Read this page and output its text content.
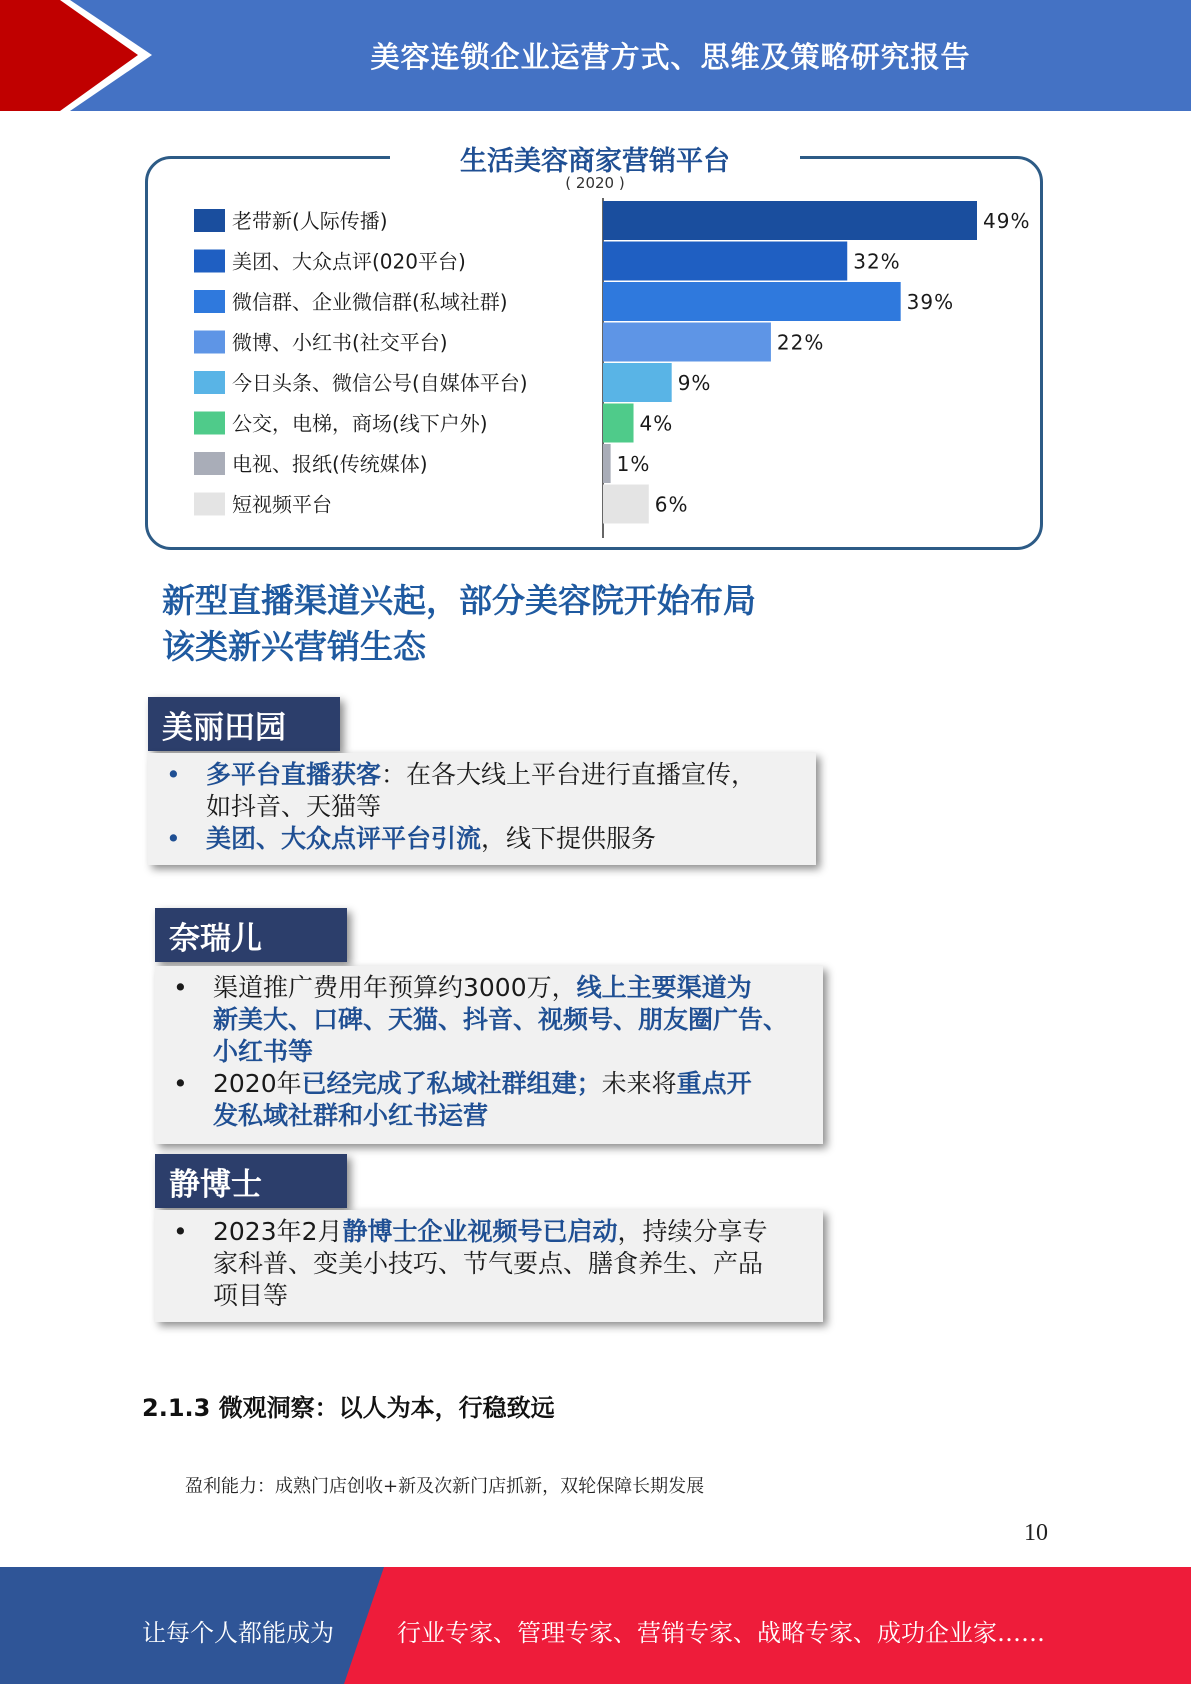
美容连锁企业运营方式、思维及策略研究报告
生活美容商家营销平台
( 2020 )
老带新(人际传播)	49%
美团、大众点评(020平台)	32%
微信群、企业微信群(私域社群)	39%
微博、小红书(社交平台)	22%
今日头条、微信公号(自媒体平台)	9%
公交，电梯，商场(线下户外)	4%
电视、报纸(传统媒体)	1%
短视频平台	6%
新型直播渠道兴起，部分美容院开始布局
该类新兴营销生态
美丽田园
•	多平台直播获客：在各大线上平台进行直播宣传，
如抖音、天猫等
•	美团、大众点评平台引流，线下提供服务
奈瑞儿
•	渠道推广费用年预算约3000万，线上主要渠道为
新美大、口碑、天猫、抖音、视频号、朋友圈广告、
小红书等
•	2020年已经完成了私域社群组建；未来将重点开
发私域社群和小红书运营
静博士
•	2023年2月静博士企业视频号已启动，持续分享专
家科普、变美小技巧、节气要点、膳食养生、产品
项目等
2.1.3 微观洞察：以人为本，行稳致远
盈利能力：成熟门店创收+新及次新门店抓新，双轮保障长期发展
10
让每个人都能成为	行业专家、管理专家、营销专家、战略专家、成功企业家……
